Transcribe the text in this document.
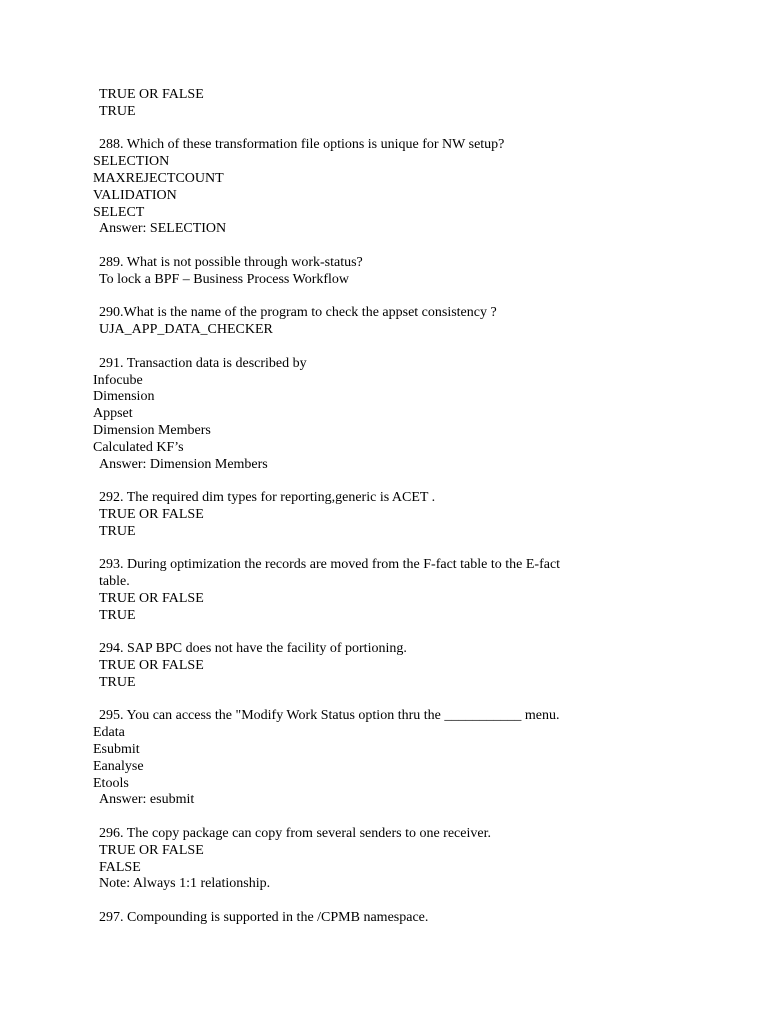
TRUE OR FALSE
TRUE
288. Which of these transformation file options is unique for NW setup?
SELECTION
MAXREJECTCOUNT
VALIDATION
SELECT
Answer: SELECTION
289. What is not possible through work-status?
To lock a BPF – Business Process Workflow
290.What is the name of the program to check the appset consistency ?
UJA_APP_DATA_CHECKER
291. Transaction data is described by
Infocube
Dimension
Appset
Dimension Members
Calculated KF’s
Answer: Dimension Members
292. The required dim types for reporting,generic is ACET .
TRUE OR FALSE
TRUE
293. During optimization the records are moved from the F-fact table to the E-fact
table.
TRUE OR FALSE
TRUE
294. SAP BPC does not have the facility of portioning.
TRUE OR FALSE
TRUE
295. You can access the "Modify Work Status option thru the ___________ menu.
Edata
Esubmit
Eanalyse
Etools
Answer: esubmit
296. The copy package can copy from several senders to one receiver.
TRUE OR FALSE
FALSE
Note: Always 1:1 relationship.
297. Compounding is supported in the /CPMB namespace.
